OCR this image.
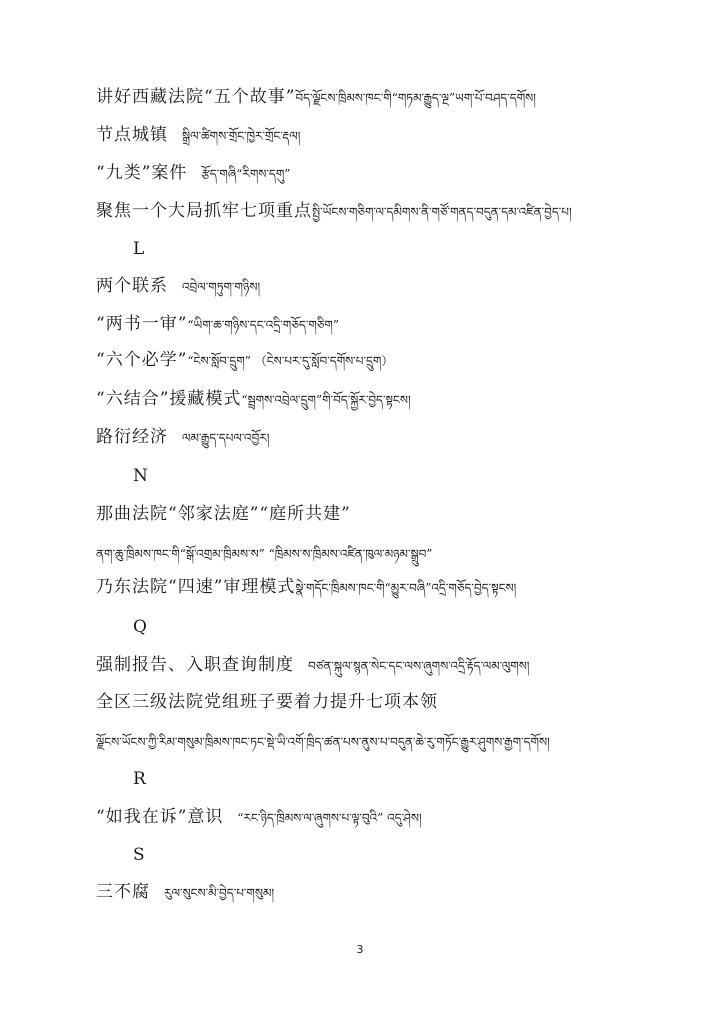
讲好西藏法院“五个故事”བོད་ལྗོངས་ཁྲིམས་ཁང་གི“གཏམ་རྒྱུད་ལྔ”ཡག་པོ་བཤད་དགོས།
节点城镇 སྒྲིལ་ཚིགས་གྲོང་ཁྱེར་གྲོང་རྡལ།
“九类”案件 རྩོད་གཞི“རིགས་དགུ”
聚焦一个大局抓牢七项重点སྤྱི་ཡོངས་གཅིག་ལ་དམིགས་ནི་གཙོ་གནད་བདུན་དམ་འཛིན་བྱེད་པ།
L
两个联系 འབྲེལ་གཏུག་གཉིས།
“两书一审”“ཡིག་ཆ་གཉིས་དང་འདྲི་གཅོད་གཅིག”
“六个必学”“ངེས་སློབ་དྲུག” （ངེས་པར་དུ་སློབ་དགོས་པ་དྲུག）
“六结合”援藏模式“སྦྲགས་འབྲེལ་དྲུག”གི་བོད་སྐྱོར་བྱེད་སྟངས།
路衍经济 ལམ་རྒྱུད་དཔལ་འབྱོར།
N
那曲法院“邻家法庭”“庭所共建”
ནག་ཆུ་ཁྲིམས་ཁང་གི“སྒོ་འགྲམ་ཁྲིམས་ས” “ཁྲིམས་ས་ཁྲིམས་འཛིན་ཁུལ་མཉམ་སྒྲུབ”
乃东法院“四速”审理模式སྣེ་གདོང་ཁྲིམས་ཁང་གི“མྱུར་བཞི”འདྲི་གཅོད་བྱེད་སྟངས།
Q
强制报告、入职查询制度 བཙན་སྐུལ་སྙན་སེང་དང་ལས་ཞུགས་འདྲི་རྟོད་ལམ་ལུགས།
全区三级法院党组班子要着力提升七项本领
ལྗོངས་ཡོངས་ཀྱི་རིམ་གསུམ་ཁྲིམས་ཁང་ཏང་སྡེ་ཡི་འགོ་ཁྲིད་ཚན་པས་ནུས་པ་བདུན་ཆེ་རུ་གཏོང་རྒྱུར་ཤུགས་རྒྱག་དགོས།
R
“如我在诉”意识 “རང་ཉིད་ཁྲིམས་ལ་ཞུགས་པ་ལྟ་བུའི” འདུ་ཤེས།
S
三不腐 རུལ་སུངས་མི་བྱེད་པ་གསུམ།
3
